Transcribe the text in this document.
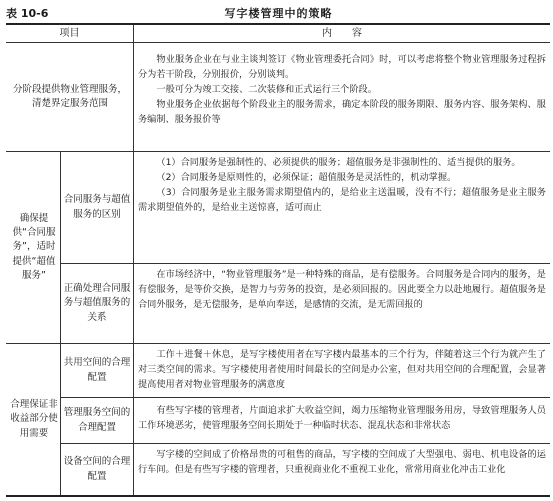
表 10-6	写字楼管理中的策略
项目	内　　容
分阶段提供物业管理服务，清楚界定服务范围

物业服务企业在与业主谈判签订《物业管理委托合同》时，可以考虑将整个物业管理服务过程拆分为若干阶段，分别报价，分别谈判。

一般可分为竣工交接、二次装修和正式运行三个阶段。

物业服务企业依据每个阶段业主的服务需求，确定本阶段的服务期限、服务内容、服务架构、服务编制、服务报价等

确保提供“合同服务”，适时提供“超值服务”
合同服务与超值服务的区别

（1）合同服务是强制性的、必须提供的服务；超值服务是非强制性的、适当提供的服务。

（2）合同服务是原则性的，必须保证；超值服务是灵活性的，机动掌握。

（3）合同服务是业主服务需求期望值内的，是给业主送温暖，没有不行；超值服务是业主服务需求期望值外的，是给业主送惊喜，适可而止

正确处理合同服务与超值服务的关系

在市场经济中，“物业管理服务”是一种特殊的商品，是有偿服务。合同服务是合同内的服务，是有偿服务，是等价交换，是智力与劳务的投资，是必须回报的。因此要全力以赴地履行。超值服务是合同外服务，是无偿服务，是单向奉送，是感情的交流，是无需回报的

合理保证非收益部分使用需要
共用空间的合理配置

工作＋进餐＋休息，是写字楼使用者在写字楼内最基本的三个行为，伴随着这三个行为就产生了对三类空间的需求。写字楼使用者使用时间最长的空间是办公室，但对共用空间的合理配置，会显著提高使用者对物业管理服务的满意度

管理服务空间的合理配置

有些写字楼的管理者，片面追求扩大收益空间，竭力压缩物业管理服务用房，导致管理服务人员工作环境恶劣，使管理服务空间长期处于一种临时状态、混乱状态和非常状态

设备空间的合理配置

写字楼的空间成了价格昂贵的可租售的商品，写字楼的空间成了大型强电、弱电、机电设备的运行车间。但是有些写字楼的管理者，只重视商业化不重视工业化，常常用商业化冲击工业化
